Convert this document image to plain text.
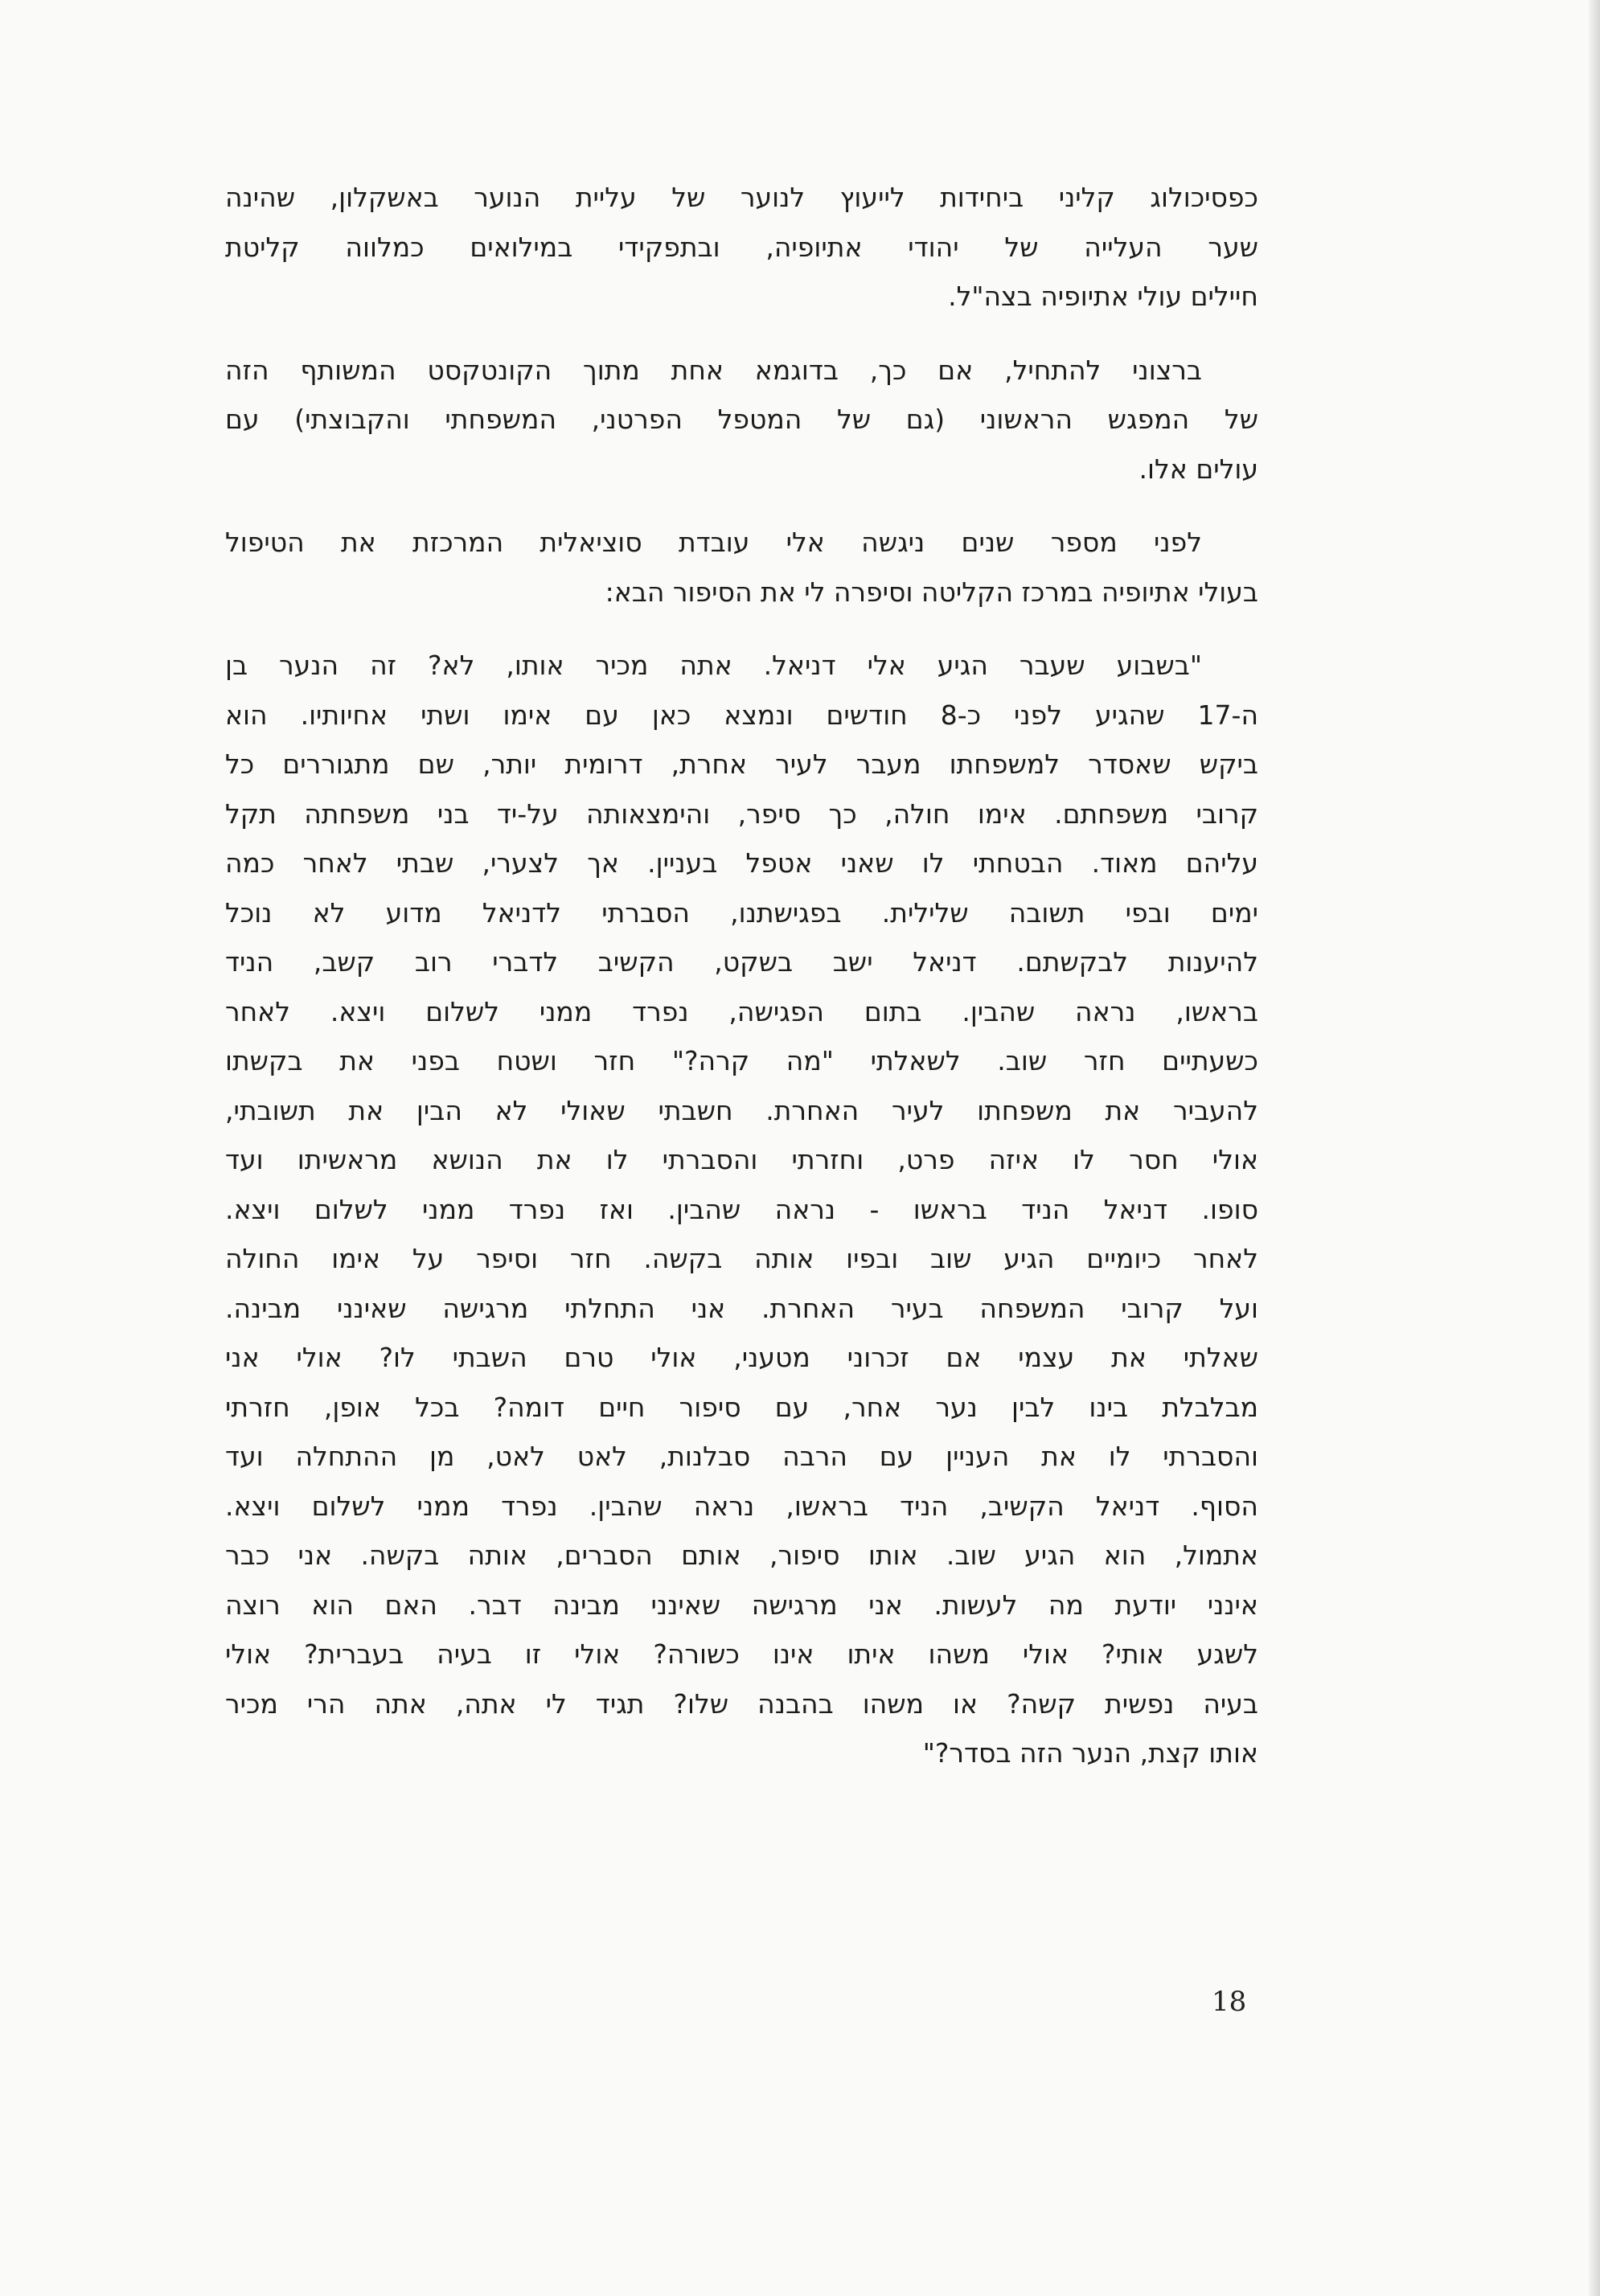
כפסיכולוג קליני ביחידות לייעוץ לנוער של עליית הנוער באשקלון, שהינה
שער העלייה של יהודי אתיופיה, ובתפקידי במילואים כמלווה קליטת
חיילים עולי אתיופיה בצה"ל.
ברצוני להתחיל, אם כך, בדוגמא אחת מתוך הקונטקסט המשותף הזה
של המפגש הראשוני (גם של המטפל הפרטני, המשפחתי והקבוצתי) עם
עולים אלו.
לפני מספר שנים ניגשה אלי עובדת סוציאלית המרכזת את הטיפול
בעולי אתיופיה במרכז הקליטה וסיפרה לי את הסיפור הבא:
"בשבוע שעבר הגיע אלי דניאל. אתה מכיר אותו, לא? זה הנער בן
ה-17 שהגיע לפני כ-8 חודשים ונמצא כאן עם אימו ושתי אחיותיו. הוא
ביקש שאסדר למשפחתו מעבר לעיר אחרת, דרומית יותר, שם מתגוררים כל
קרובי משפחתם. אימו חולה, כך סיפר, והימצאותה על-יד בני משפחתה תקל
עליהם מאוד. הבטחתי לו שאני אטפל בעניין. אך לצערי, שבתי לאחר כמה
ימים ובפי תשובה שלילית. בפגישתנו, הסברתי לדניאל מדוע לא נוכל
להיענות לבקשתם. דניאל ישב בשקט, הקשיב לדברי רוב קשב, הניד
בראשו, נראה שהבין. בתום הפגישה, נפרד ממני לשלום ויצא. לאחר
כשעתיים חזר שוב. לשאלתי "מה קרה?" חזר ושטח בפני את בקשתו
להעביר את משפחתו לעיר האחרת. חשבתי שאולי לא הבין את תשובתי,
אולי חסר לו איזה פרט, וחזרתי והסברתי לו את הנושא מראשיתו ועד
סופו. דניאל הניד בראשו - נראה שהבין. ואז נפרד ממני לשלום ויצא.
לאחר כיומיים הגיע שוב ובפיו אותה בקשה. חזר וסיפר על אימו החולה
ועל קרובי המשפחה בעיר האחרת. אני התחלתי מרגישה שאינני מבינה.
שאלתי את עצמי אם זכרוני מטעני, אולי טרם השבתי לו? אולי אני
מבלבלת בינו לבין נער אחר, עם סיפור חיים דומה? בכל אופן, חזרתי
והסברתי לו את העניין עם הרבה סבלנות, לאט לאט, מן ההתחלה ועד
הסוף. דניאל הקשיב, הניד בראשו, נראה שהבין. נפרד ממני לשלום ויצא.
אתמול, הוא הגיע שוב. אותו סיפור, אותם הסברים, אותה בקשה. אני כבר
אינני יודעת מה לעשות. אני מרגישה שאינני מבינה דבר. האם הוא רוצה
לשגע אותי? אולי משהו איתו אינו כשורה? אולי זו בעיה בעברית? אולי
בעיה נפשית קשה? או משהו בהבנה שלו? תגיד לי אתה, אתה הרי מכיר
אותו קצת, הנער הזה בסדר?"
18
